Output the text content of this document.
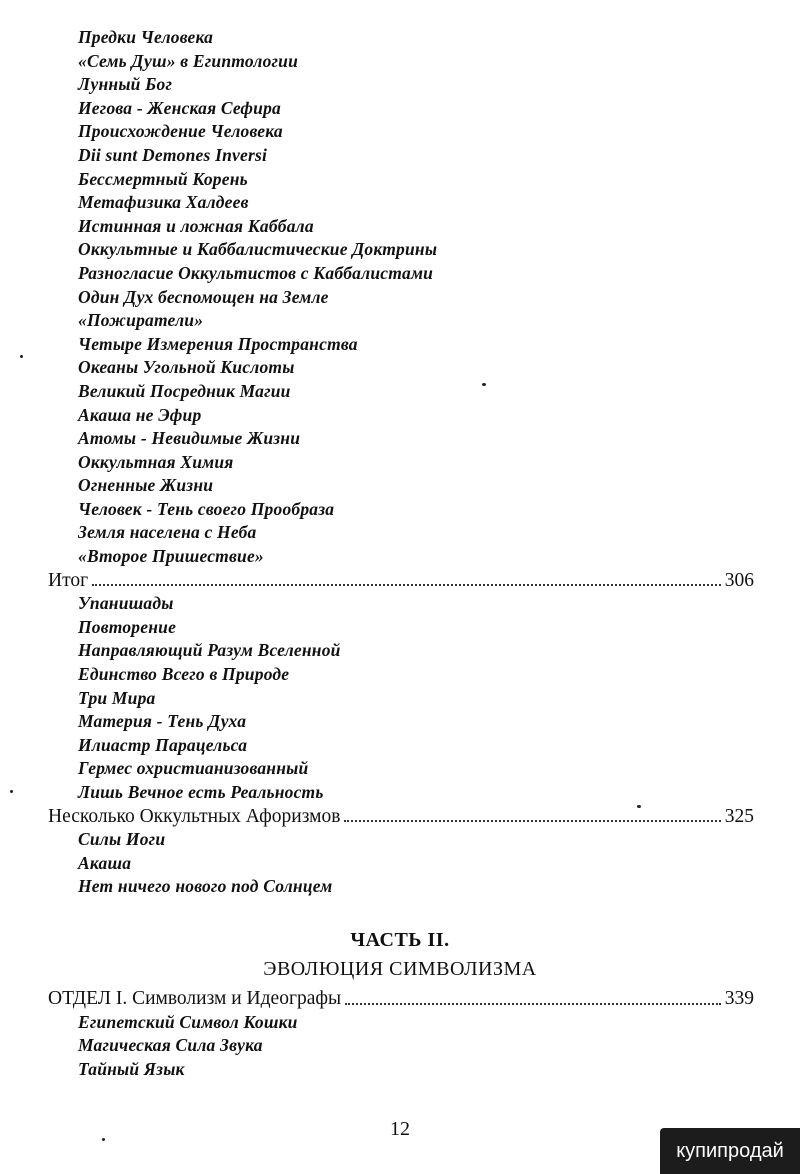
Предки Человека
«Семь Душ» в Египтологии
Лунный Бог
Иегова - Женская Сефира
Происхождение Человека
Dii sunt Demones Inversi
Бессмертный Корень
Метафизика Халдеев
Истинная и ложная Каббала
Оккультные и Каббалистические Доктрины
Разногласие Оккультистов с Каббалистами
Один Дух беспомощен на Земле
«Пожиратели»
Четыре Измерения Пространства
Океаны Угольной Кислоты
Великий Посредник Магии
Акаша не Эфир
Атомы - Невидимые Жизни
Оккультная Химия
Огненные Жизни
Человек - Тень своего Прообраза
Земля населена с Неба
«Второе Пришествие»
Итог	306
Упанишады
Повторение
Направляющий Разум Вселенной
Единство Всего в Природе
Три Мира
Материя - Тень Духа
Илиастр Парацельса
Гермес охристианизованный
Лишь Вечное есть Реальность
Несколько Оккультных Афоризмов	325
Силы Иоги
Акаша
Нет ничего нового под Солнцем
ЧАСТЬ II.
ЭВОЛЮЦИЯ СИМВОЛИЗМА
ОТДЕЛ I. Символизм и Идеографы	339
Египетский Символ Кошки
Магическая Сила Звука
Тайный Язык
12
купипродай
